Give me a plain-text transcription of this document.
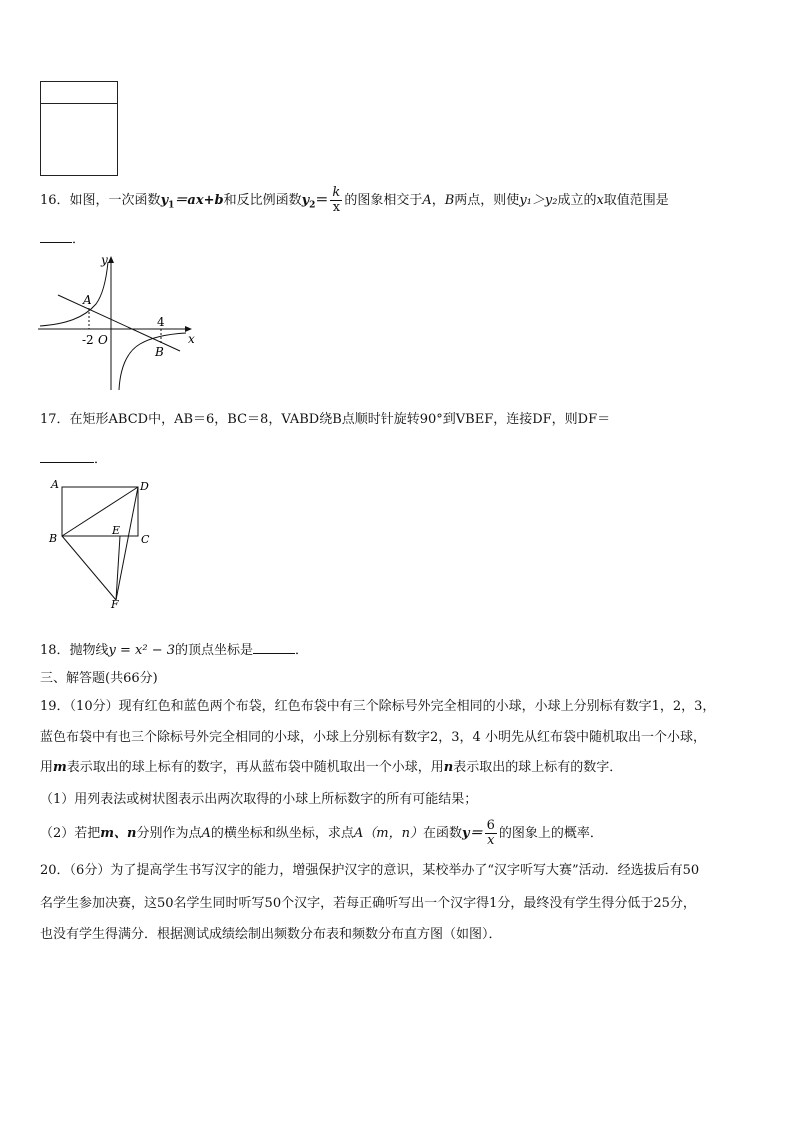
16．如图，一次函数$y_1=ax+b$和反比例函数$y_2= \frac{k}{x}$ 的图象相交于A，B两点，则使y₁＞y₂成立的x取值范围是
．
y
x
A
B
O
-2
4
17．在矩形ABCD中，AB＝6，BC＝8，VABD绕B点顺时针旋转90°到VBEF，连接DF，则DF＝
．
A	D
B
E
C
F
18．抛物线y = x² − 3的顶点坐标是	．
三、解答题(共66分)
19．（10分）现有红色和蓝色两个布袋，红色布袋中有三个除标号外完全相同的小球，小球上分别标有数字1，2，3，
蓝色布袋中有也三个除标号外完全相同的小球，小球上分别标有数字2，3，4 小明先从红布袋中随机取出一个小球，
用m表示取出的球上标有的数字，再从蓝布袋中随机取出一个小球，用n表示取出的球上标有的数字．
（1）用列表法或树状图表示出两次取得的小球上所标数字的所有可能结果；
（2）若把m、n分别作为点A的横坐标和纵坐标，求点A（m，n）在函数$y= \frac{6}{x}$ 的图象上的概率．
20．（6分）为了提高学生书写汉字的能力，增强保护汉字的意识，某校举办了“汉字听写大赛”活动．经选拔后有50
名学生参加决赛，这50名学生同时听写50个汉字，若每正确听写出一个汉字得1分，最终没有学生得分低于25分，
也没有学生得满分．根据测试成绩绘制出频数分布表和频数分布直方图（如图）．
